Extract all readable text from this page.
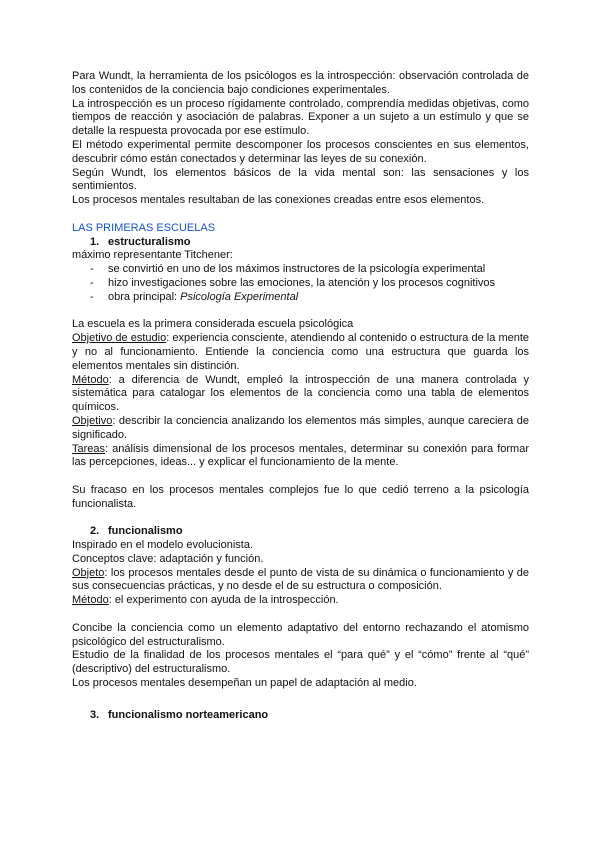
Para Wundt, la herramienta de los psicólogos es la introspección: observación controlada de los contenidos de la conciencia bajo condiciones experimentales.

La introspección es un proceso rígidamente controlado, comprendía medidas objetivas, como tiempos de reacción y asociación de palabras. Exponer a un sujeto a un estímulo y que se detalle la respuesta provocada por ese estímulo.

El método experimental permite descomponer los procesos conscientes en sus elementos, descubrir cómo están conectados y determinar las leyes de su conexión.

Según Wundt, los elementos básicos de la vida mental son: las sensaciones y los sentimientos.

Los procesos mentales resultaban de las conexiones creadas entre esos elementos.

LAS PRIMERAS ESCUELAS

1. estructuralismo

máximo representante Titchener:

- se convirtió en uno de los máximos instructores de la psicología experimental
- hizo investigaciones sobre las emociones, la atención y los procesos cognitivos
- obra principal: Psicología Experimental

La escuela es la primera considerada escuela psicológica

Objetivo de estudio: experiencia consciente, atendiendo al contenido o estructura de la mente y no al funcionamiento. Entiende la conciencia como una estructura que guarda los elementos mentales sin distinción.

Método: a diferencia de Wundt, empleó la introspección de una manera controlada y sistemática para catalogar los elementos de la conciencia como una tabla de elementos químicos.

Objetivo: describir la conciencia analizando los elementos más simples, aunque careciera de significado.

Tareas: análisis dimensional de los procesos mentales, determinar su conexión para formar las percepciones, ideas... y explicar el funcionamiento de la mente.

Su fracaso en los procesos mentales complejos fue lo que cedió terreno a la psicología funcionalista.

2. funcionalismo

Inspirado en el modelo evolucionista.

Conceptos clave: adaptación y función.

Objeto: los procesos mentales desde el punto de vista de su dinámica o funcionamiento y de sus consecuencias prácticas, y no desde el de su estructura o composición.

Método: el experimento con ayuda de la introspección.

Concibe la conciencia como un elemento adaptativo del entorno rechazando el atomismo psicológico del estructuralismo.

Estudio de la finalidad de los procesos mentales el “para qué” y el “cómo” frente al “qué” (descriptivo) del estructuralismo.

Los procesos mentales desempeñan un papel de adaptación al medio.

3. funcionalismo norteamericano
